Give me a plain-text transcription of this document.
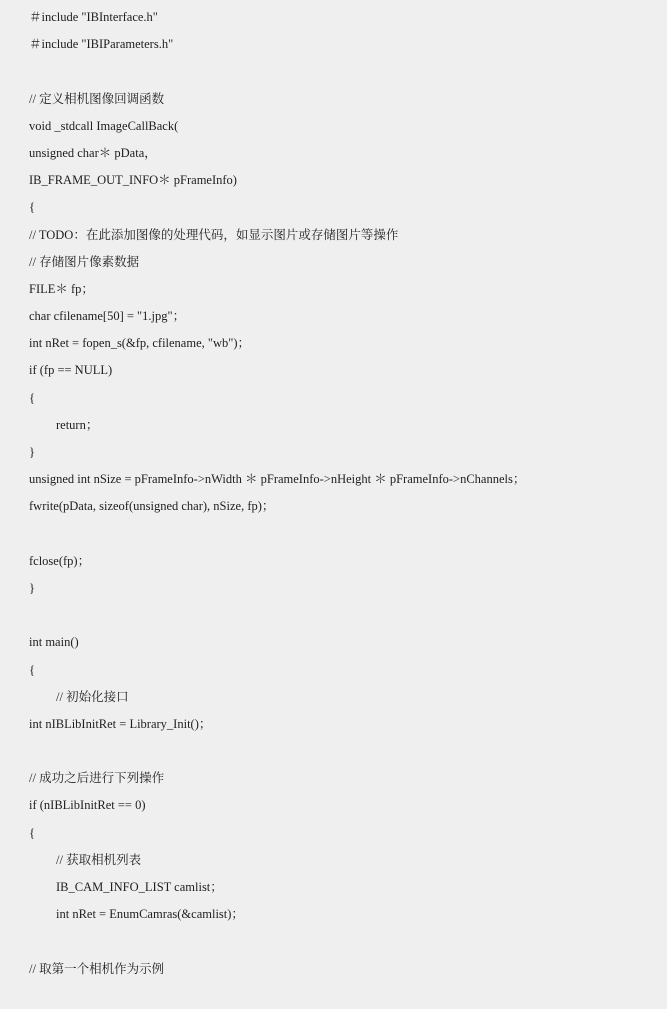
＃include "IBInterface.h"
＃include "IBIParameters.h"
// 定义相机图像回调函数
void _stdcall ImageCallBack(
unsigned char＊ pData，
IB_FRAME_OUT_INFO＊ pFrameInfo)
{
// TODO：在此添加图像的处理代码，如显示图片或存储图片等操作
// 存储图片像素数据
FILE＊ fp；
char cfilename[50] = "1.jpg"；
int nRet = fopen_s(&fp, cfilename, "wb")；
if (fp == NULL)
{
return；
}
unsigned int nSize = pFrameInfo->nWidth ＊ pFrameInfo->nHeight ＊ pFrameInfo->nChannels；
fwrite(pData, sizeof(unsigned char), nSize, fp)；
fclose(fp)；
}
int main()
{
// 初始化接口
int nIBLibInitRet = Library_Init()；
// 成功之后进行下列操作
if (nIBLibInitRet == 0)
{
// 获取相机列表
IB_CAM_INFO_LIST camlist；
int nRet = EnumCamras(&camlist)；
// 取第一个相机作为示例
